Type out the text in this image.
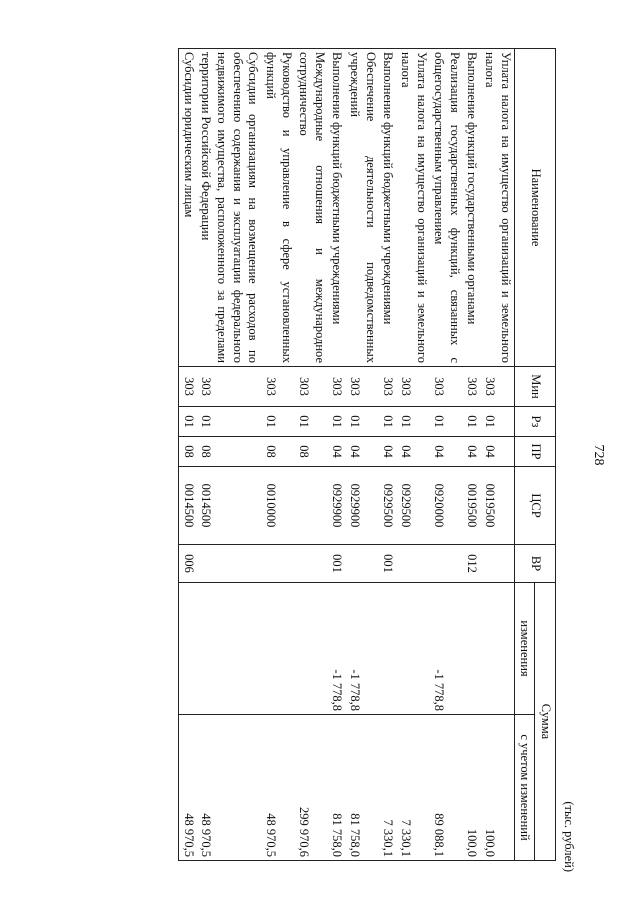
728
(тыс. рублей)
Наименование	Мин	Рз	ПР	ЦСР	ВР	Сумма	
						изменения	с учетом изменений
Уплата налога на имущество организаций и земельного налога	303	01	04	0019500			100,0
Выполнение функций государственными органами	303	01	04	0019500	012		100,0
Реализация государственных функций, связанных с общегосударственным управлением	303	01	04	0920000		-1 778,8	89 088,1
Уплата налога на имущество организаций и земельного налога	303	01	04	0929500			7 330,1
Выполнение функций бюджетными учреждениями	303	01	04	0929500	001		7 330,1
Обеспечение деятельности подведомственных учреждений	303	01	04	0929900		-1 778,8	81 758,0
Выполнение функций бюджетными учреждениями	303	01	04	0929900	001	-1 778,8	81 758,0
Международные отношения и международное сотрудничество	303	01	08				299 970,6
Руководство и управление в сфере установленных функций	303	01	08	0010000			48 970,5
Субсидии организациям на возмещение расходов по обеспечению содержания и эксплуатации федерального недвижимого имущества, расположенного за пределами территории Российской Федерации	303	01	08	0014500			48 970,5
Субсидии юридическим лицам	303	01	08	0014500	006		48 970,5
